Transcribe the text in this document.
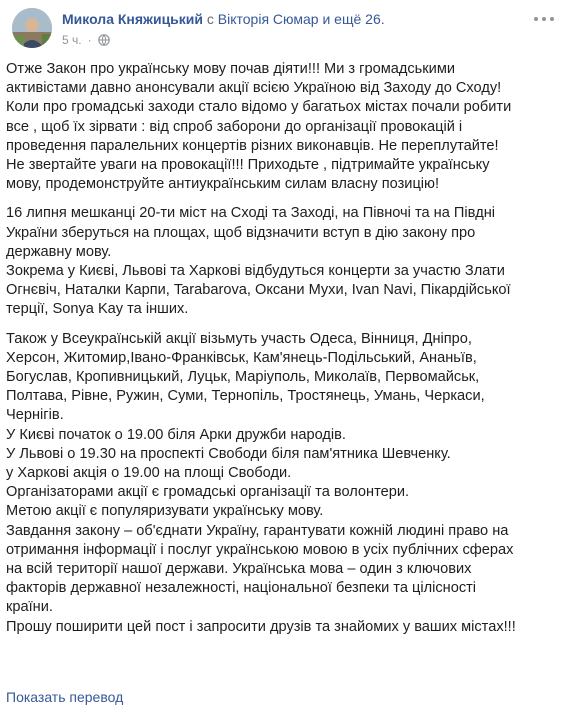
Микола Княжицький с Вікторія Сюмар и ещё 26.
5 ч. ·

Отже Закон про українську мову почав діяти!!! Ми з громадськими
активістами давно анонсували акції всією Україною від Заходу до Сходу!
Коли про громадські заходи стало відомо у багатьох містах почали робити
все , щоб їх зірвати : від спроб заборони до організації провокацій і
проведення паралельних концертів різних виконавців. Не переплутайте!
Не звертайте уваги на провокації!!! Приходьте , підтримайте українську
мову, продемонструйте антиукраїнським силам власну позицію!

16 липня мешканці 20-ти міст на Сході та Заході, на Півночі та на Півдні
України зберуться на площах, щоб відзначити вступ в дію закону про
державну мову.
Зокрема у Києві, Львові та Харкові відбудуться концерти за участю Злати
Огнєвіч, Наталки Карпи, Tarabarova, Оксани Мухи, Ivan Navi, Пікардійської
терції, Sonya Kay та інших.

Також у Всеукраїнській акції візьмуть участь Одеса, Вінниця, Дніпро,
Херсон, Житомир,Івано-Франківськ, Кам'янець-Подільський, Ананьїв,
Богуслав, Кропивницький, Луцьк, Маріуполь, Миколаїв, Первомайськ,
Полтава, Рівне, Ружин, Суми, Тернопіль, Тростянець, Умань, Черкаси,
Чернігів.
У Києві початок о 19.00 біля Арки дружби народів.
У Львові о 19.30 на проспекті Свободи біля пам'ятника Шевченку.
у Харкові акція о 19.00 на площі Свободи.
Організаторами акції є громадські організації та волонтери.
Метою акції є популяризувати українську мову.
Завдання закону – об'єднати Україну, гарантувати кожній людині право на
отримання інформації і послуг українською мовою в усіх публічних сферах
на всій території нашої держави. Українська мова – один з ключових
факторів державної незалежності, національної безпеки та цілісності
країни.
Прошу поширити цей пост і запросити друзів та знайомих у ваших містах!!!

Показать перевод
